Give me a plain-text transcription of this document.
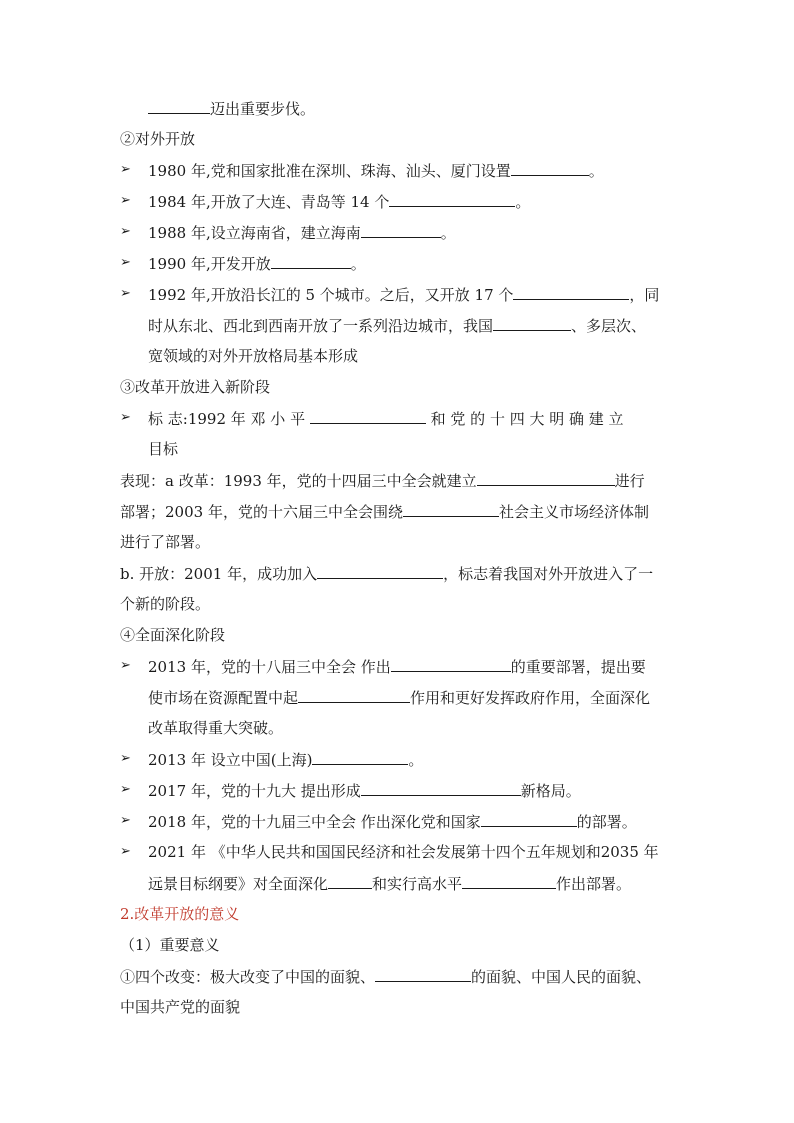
迈出重要步伐。
②对外开放
➢ 1980 年,党和国家批准在深圳、珠海、汕头、厦门设置	。
➢ 1984 年,开放了大连、青岛等 14 个	。
➢ 1988 年,设立海南省，建立海南	。
➢ 1990 年,开发开放	。
➢ 1992 年,开放沿长江的 5 个城市。之后，又开放 17 个	，同
时从东北、西北到西南开放了一系列沿边城市，我国	、多层次、
宽领域的对外开放格局基本形成
③改革开放进入新阶段
➢ 标 志:1992 年 邓 小 平	和 党 的 十 四 大 明 确 建 立
目标
表现：a 改革：1993 年，党的十四届三中全会就建立	进行
部署；2003 年，党的十六届三中全会围绕	社会主义市场经济体制
进行了部署。
b. 开放：2001 年，成功加入	，标志着我国对外开放进入了一
个新的阶段。
④全面深化阶段
➢ 2013 年，党的十八届三中全会 作出	的重要部署，提出要
使市场在资源配置中起	作用和更好发挥政府作用，全面深化
改革取得重大突破。
➢ 2013 年 设立中国(上海)	。
➢ 2017 年，党的十九大 提出形成	新格局。
➢ 2018 年，党的十九届三中全会 作出深化党和国家	的部署。
➢ 2021 年 《中华人民共和国国民经济和社会发展第十四个五年规划和2035 年
远景目标纲要》对全面深化	和实行高水平	作出部署。
2.改革开放的意义
（1）重要意义
①四个改变：极大改变了中国的面貌、	的面貌、中国人民的面貌、
中国共产党的面貌
